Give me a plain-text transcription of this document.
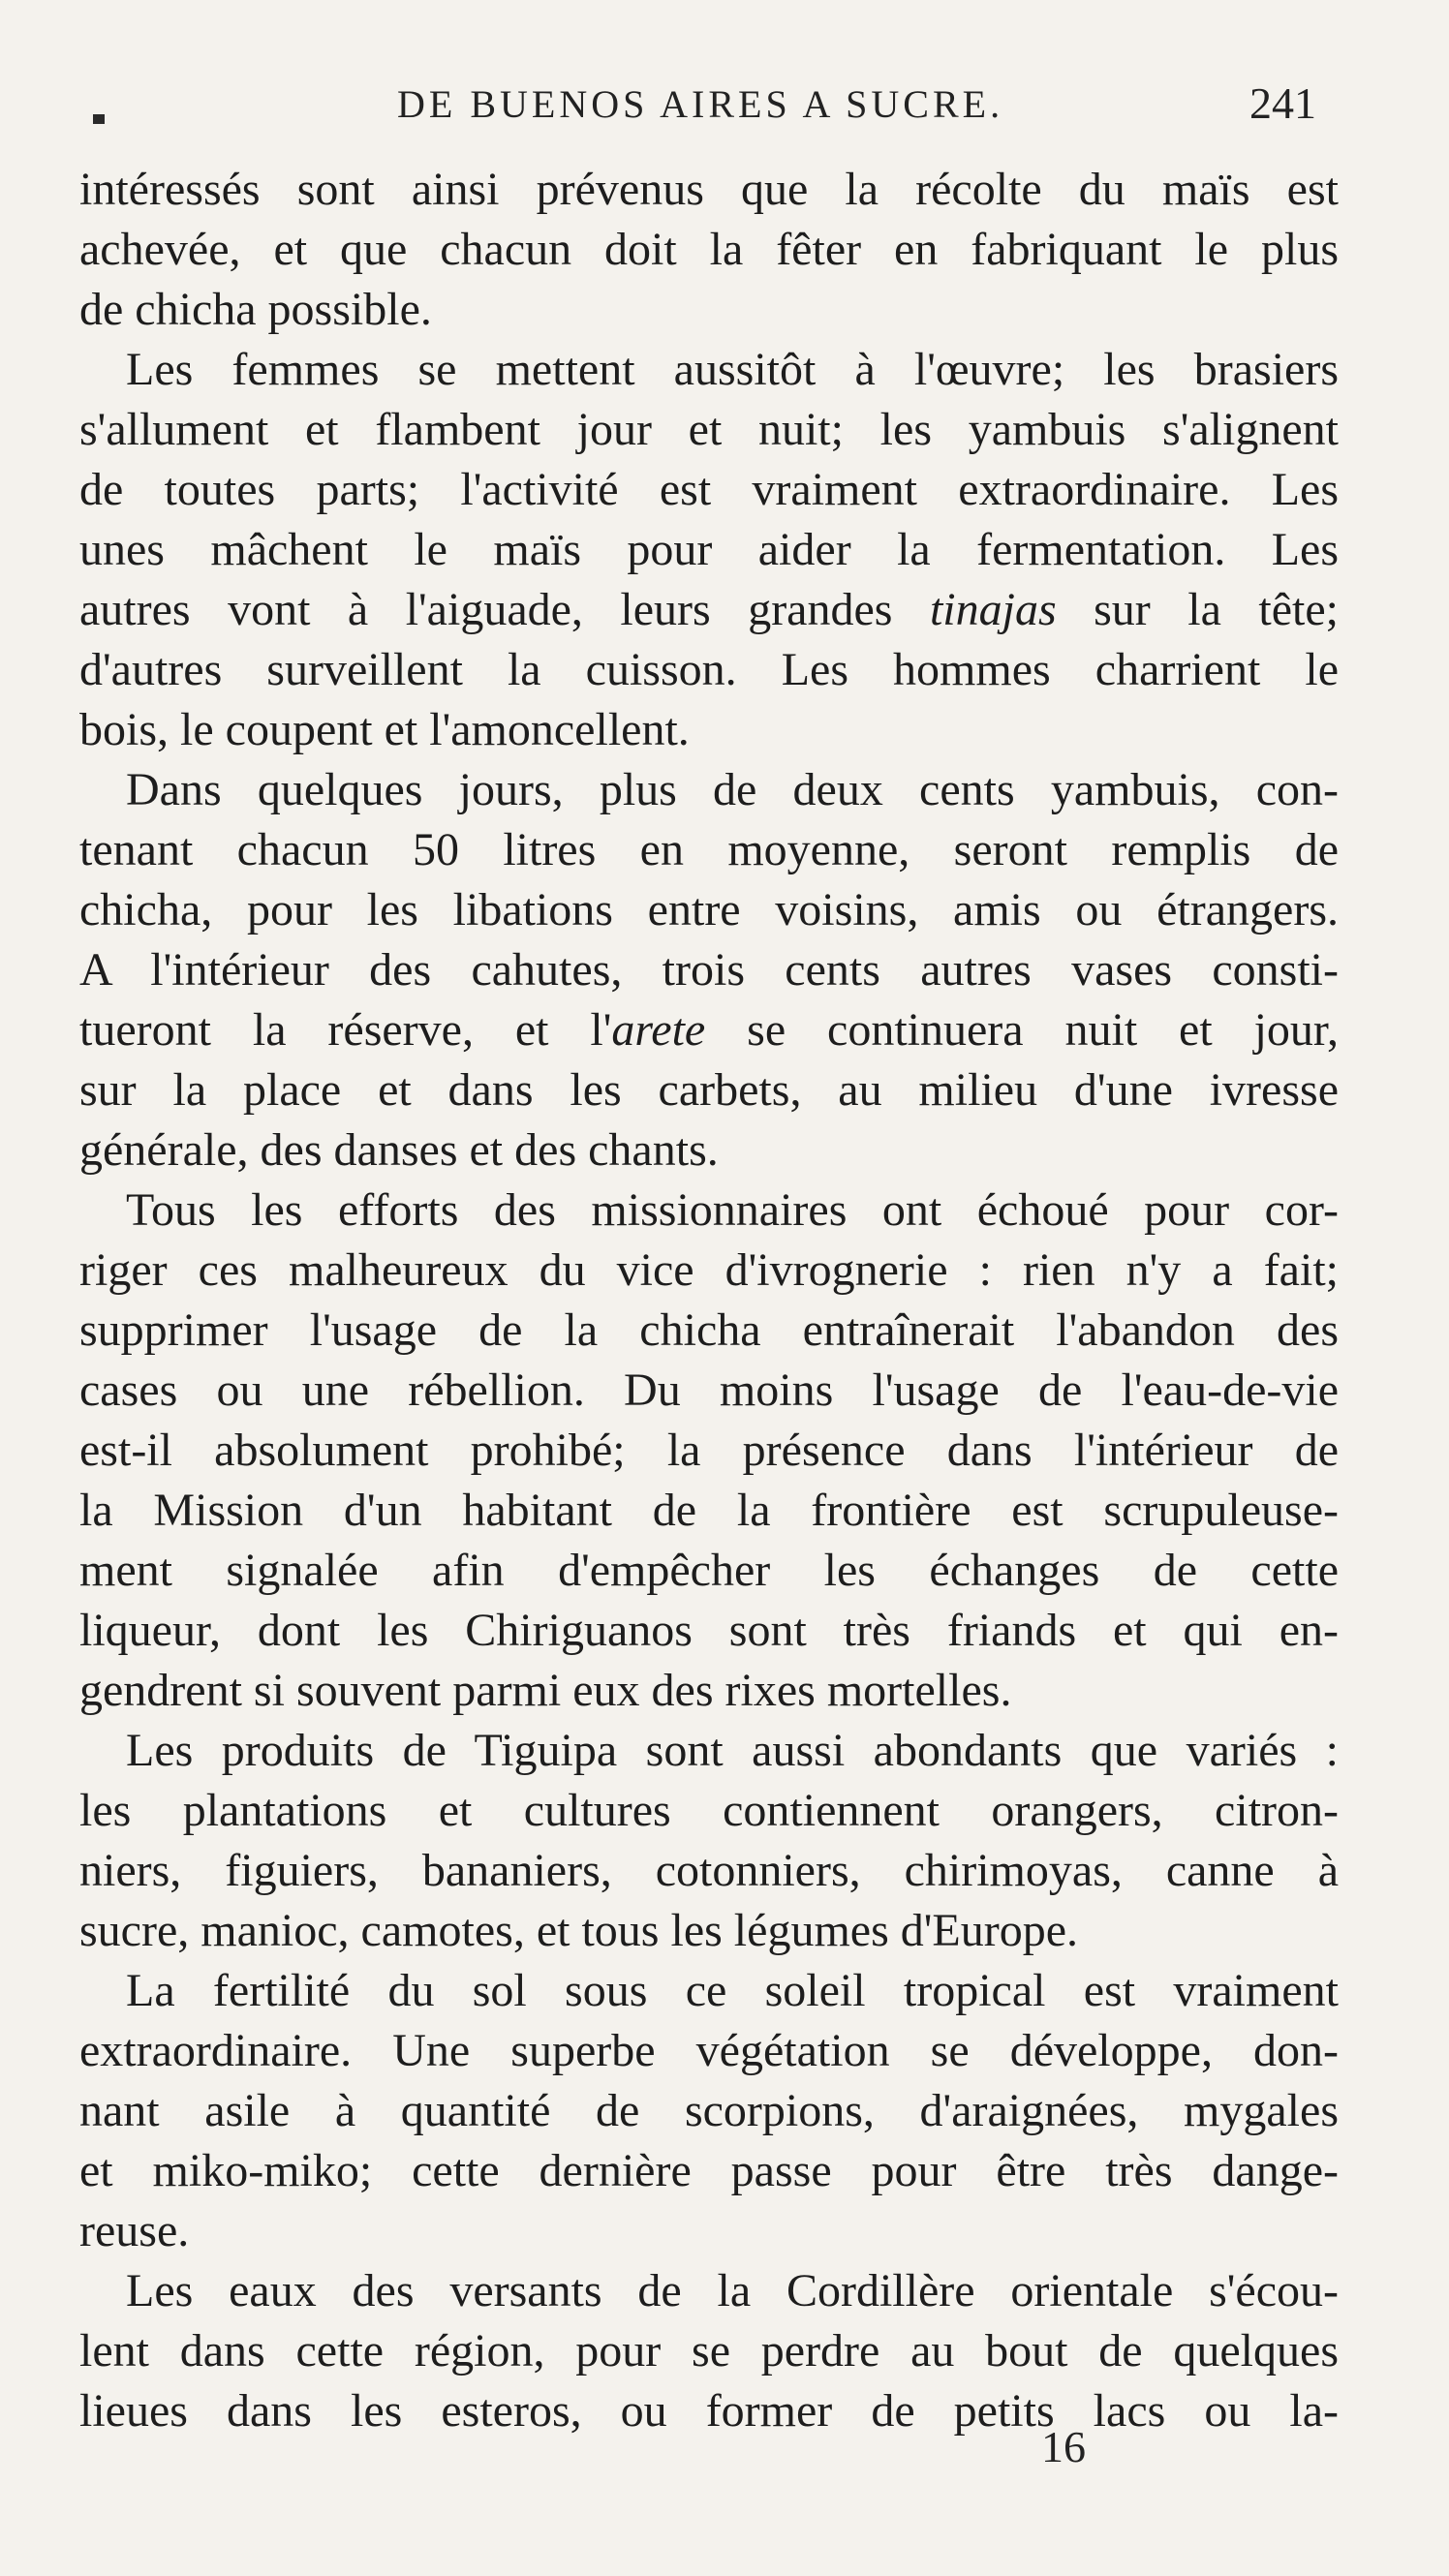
DE BUENOS AIRES A SUCRE.	241
intéressés sont ainsi prévenus que la récolte du maïs est
achevée, et que chacun doit la fêter en fabriquant le plus
de chicha possible.
Les femmes se mettent aussitôt à l'œuvre; les brasiers
s'allument et flambent jour et nuit; les yambuis s'alignent
de toutes parts; l'activité est vraiment extraordinaire. Les
unes mâchent le maïs pour aider la fermentation. Les
autres vont à l'aiguade, leurs grandes tinajas sur la tête;
d'autres surveillent la cuisson. Les hommes charrient le
bois, le coupent et l'amoncellent.
Dans quelques jours, plus de deux cents yambuis, con-
tenant chacun 50 litres en moyenne, seront remplis de
chicha, pour les libations entre voisins, amis ou étrangers.
A l'intérieur des cahutes, trois cents autres vases consti-
tueront la réserve, et l'arete se continuera nuit et jour,
sur la place et dans les carbets, au milieu d'une ivresse
générale, des danses et des chants.
Tous les efforts des missionnaires ont échoué pour cor-
riger ces malheureux du vice d'ivrognerie : rien n'y a fait;
supprimer l'usage de la chicha entraînerait l'abandon des
cases ou une rébellion. Du moins l'usage de l'eau-de-vie
est-il absolument prohibé; la présence dans l'intérieur de
la Mission d'un habitant de la frontière est scrupuleuse-
ment signalée afin d'empêcher les échanges de cette
liqueur, dont les Chiriguanos sont très friands et qui en-
gendrent si souvent parmi eux des rixes mortelles.
Les produits de Tiguipa sont aussi abondants que variés :
les plantations et cultures contiennent orangers, citron-
niers, figuiers, bananiers, cotonniers, chirimoyas, canne à
sucre, manioc, camotes, et tous les légumes d'Europe.
La fertilité du sol sous ce soleil tropical est vraiment
extraordinaire. Une superbe végétation se développe, don-
nant asile à quantité de scorpions, d'araignées, mygales
et miko-miko; cette dernière passe pour être très dange-
reuse.
Les eaux des versants de la Cordillère orientale s'écou-
lent dans cette région, pour se perdre au bout de quelques
lieues dans les esteros, ou former de petits lacs ou la-
16
